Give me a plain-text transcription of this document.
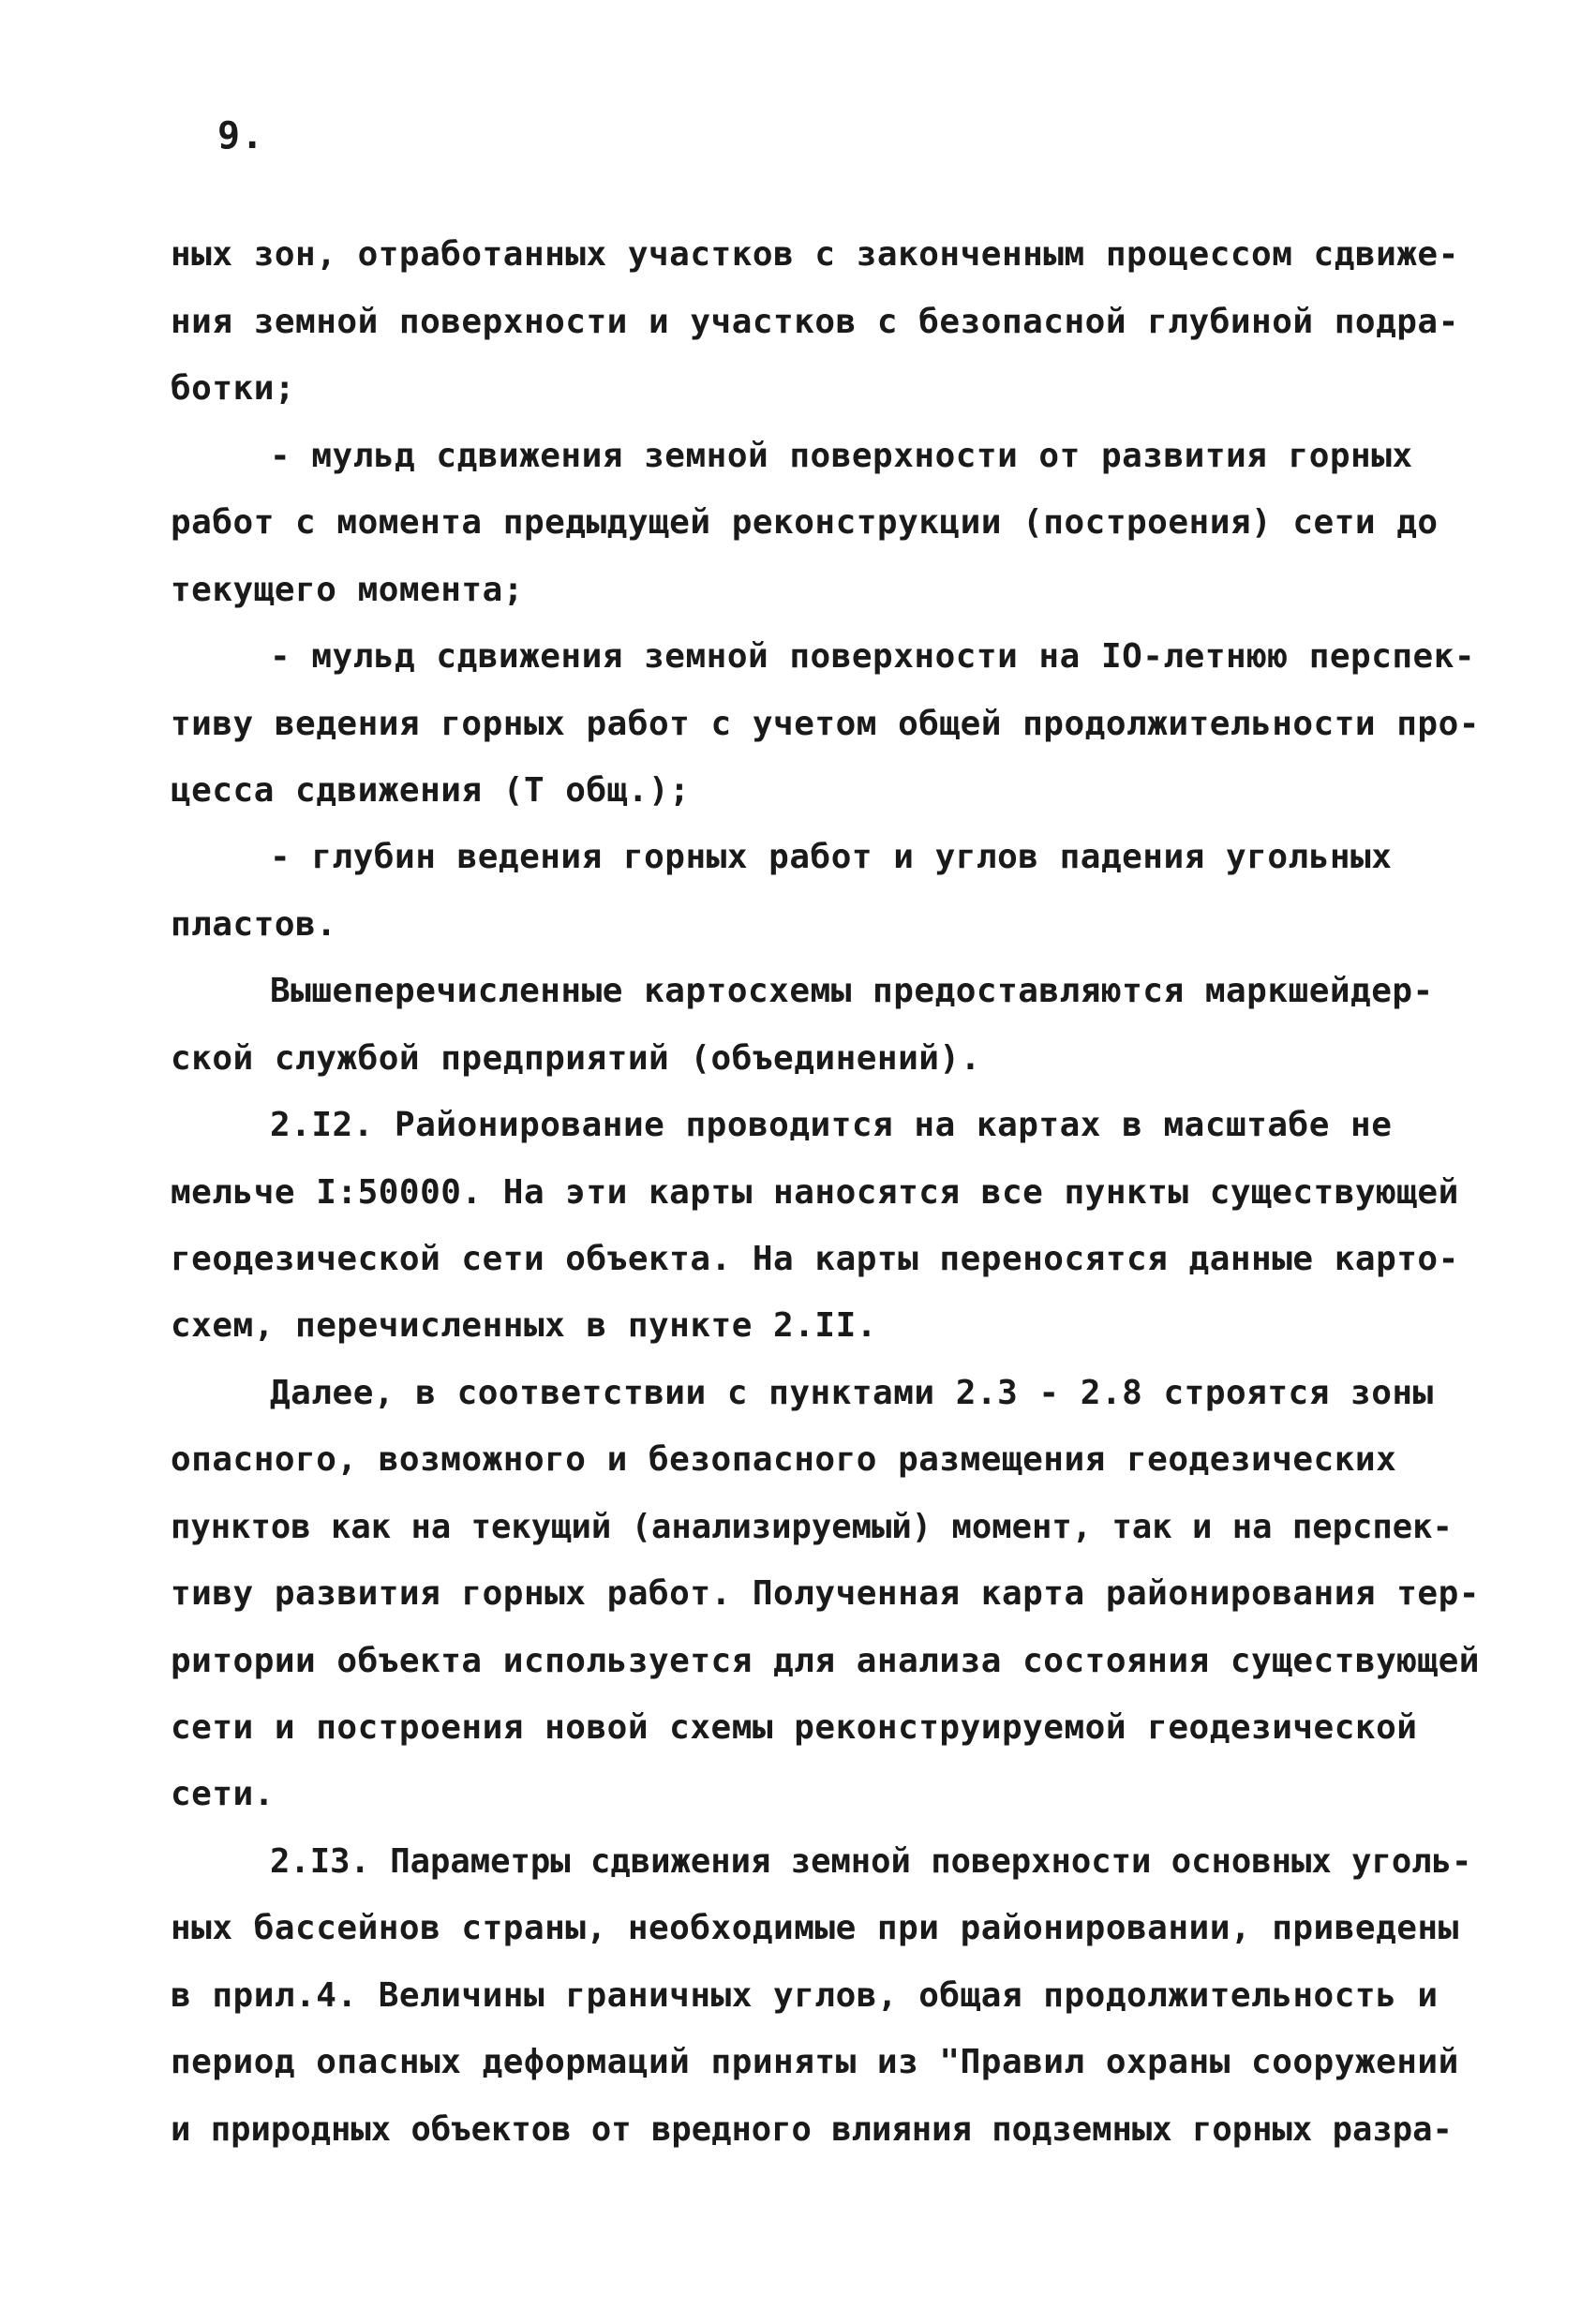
9.
ных зон, отработанных участков с законченным процессом сдвиже-
ния земной поверхности и участков с безопасной глубиной подра-
ботки;
- мульд сдвижения земной поверхности от развития горных
работ с момента предыдущей реконструкции (построения) сети до
текущего момента;
- мульд сдвижения земной поверхности на IO-летнюю перспек-
тиву ведения горных работ с учетом общей продолжительности про-
цесса сдвижения (Т общ.);
- глубин ведения горных работ и углов падения угольных
пластов.
Вышеперечисленные картосхемы предоставляются маркшейдер-
ской службой предприятий (объединений).
2.I2. Районирование проводится на картах в масштабе не
мельче I:50000. На эти карты наносятся все пункты существующей
геодезической сети объекта. На карты переносятся данные карто-
схем, перечисленных в пункте 2.II.
Далее, в соответствии с пунктами 2.3 - 2.8 строятся зоны
опасного, возможного и безопасного размещения геодезических
пунктов как на текущий (анализируемый) момент, так и на перспек-
тиву развития горных работ. Полученная карта районирования тер-
ритории объекта используется для анализа состояния существующей
сети и построения новой схемы реконструируемой геодезической
сети.
2.I3. Параметры сдвижения земной поверхности основных уголь-
ных бассейнов страны, необходимые при районировании, приведены
в прил.4. Величины граничных углов, общая продолжительность и
период опасных деформаций приняты из "Правил охраны сооружений
и природных объектов от вредного влияния подземных горных разра-
